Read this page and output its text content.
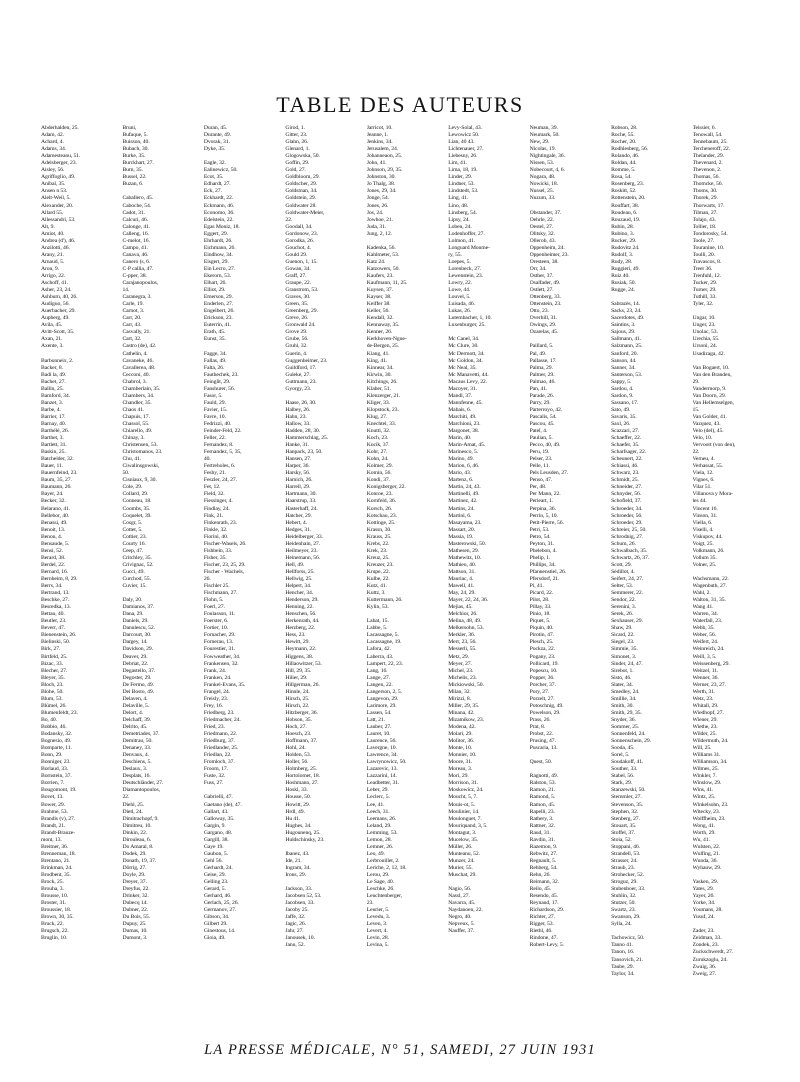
TABLE DES AUTEURS
Abderhalden, 25.
Adam, 42.
Achard, 4.
Adams, 34.
Adamesteanu, 51.
Adelsberger, 23.
Aisley, 56.
Agriffoglio, 49.
Anibal, 35.
Ansen n 53.
Alelt-Weil, 5.
Alexander, 20.
Allard 55.
Allessandri, 53.
Alt, 9.
Amiot, 40.
Andrea (d'), 46.
Anzilotti, 46.
Arany, 21.
Arnaud, 5.
Aron, 9.
Arrigo, 22.
Aschoff, 41.
Asher, 23, 24.
Ashburn, 40, 26.
Audiguo, 56.
Auerbacher, 29.
Aupberg, 49.
Avila, 45.
Avitt-Scott, 35.
Axan, 21.
Axente, 3.

Barbonneix, 2.
Backer, 8.
Badi la, 49.
Bachet, 27.
Ballin, 25.
Bamford, 34.
Banzet, 3.
Barbe, 4.
Barrier, 17.
Barnay, 40.
Barthélé, 26.
Barthet, 3.
Bartlett, 31.
Baskin, 25.
Batchelder, 32.
Bauer, 11.
Bauernfeind, 23.
Baum, 35, 27.
Baumann, 26.
Bayer, 24.
Becker, 32.
Belarano, 41.
Bellebor, 40.
Benassi, 49.
Benoit, 13.
Benon, 4.
Bensaude, 5.
Bensi, 52.
Berard, 38.
Berdel, 22.
Bernard, 16.
Bernheim, 8, 29.
Berrs, 34.
Bertrand, 13.
Beschke, 27.
Besredka, 13.
Bettau, 40.
Beutler, 23.
Beverr, 47.
Bienenstein, 26.
Bielinski, 50.
Birk, 27.
Birtfeld, 25.
Bizac, 33.
Blecher, 27.
Bleyer, 35.
Bloch, 23.
Blohe, 50.
Blum, 53.
Blümel, 26.
Blumenfeldt, 23.
Bo, 40.
Bobbio, 46.
Bodansky, 32.
Bognesio, 49.
Bomparte, 11.
Bonn, 29.
Bonniger, 23.
Borlaud, 33.
Bornstein, 37.
Borrien, 7.
Bougomont, 19.
Bovet, 13.
Bower, 29.
Brahme, 53.
Brandis (v), 27.
Brandt, 21.
Brandt-Brauze-
mont, 13.
Breitner, 36.
Brenneman, 18.
Brentano, 21.
Brinkman, 24.
Brodbent, 35.
Brock, 25.
Brouha, 3.
Brousse, 10.
Broster, 31.
Broussier, 18.
Brown, 30, 35.
Bruck, 22.
Brugsch, 22.
Bruglin, 10.
Bruni,
Bufaque, 5.
Buisson, 40.
Bubach, 30.
Burke, 35.
Burckhart, 27.
Burn, 35.
Bussel, 22.
Buzan, 6.

Caballero, 45.
Caboche, 54.
Cadot, 31.
Calcuri, 46.
Calonge, 41.
Calleng, 16.
C-melot, 16.
Campo, 41.
Canava, 46.
Canero (s, 6.
C·P callia, 47.
C-pper, 38.
Carajanopoulos,
14.
Caranegra, 3.
Carle, 19.
Carnot, 3.
Carr, 20.
Carr, 43.
Casvally, 21.
Cart, 32.
Castro (de), 42.
Cathelin, 4.
Cavaneke, 46.
Cavallerea, 48.
Cecconi, 40.
Chabrol, 3.
Chamberlain, 35.
Chambers, 34.
Chandler, 35.
Chaos 41.
Chapuis, 17.
Chassol, 55.
Chiarello, 49.
Chinay, 3.
Christensen, 53.
Christomanos, 23.
Chu, 41.
Ciwalinsgowski,
50.
Cisniaux, 9, 30.
Cole, 29.
Collard, 29.
Conneau, 18.
Coombs, 35.
Coquelet, 39.
Cosgr, 5.
Cottet, 5.
Cottier, 23.
Courty 16.
Ceep, 47.
Critchley, 35.
Crivignac, 52.
Cucci, 49.
Curchod, 55.
Cuvier, 15.

Daly, 20.
Damianos, 37.
Dana, 29.
Daniels, 29.
Danulescu, 52.
Darcourt, 30.
Dargey, 14.
Davidson, 29.
Deaver, 29.
Debriat, 22.
Degastello, 37.
Degoster, 29.
De Fermo, 49.
Dei Bosto, 49.
Delaven, 4.
Delaville, 5.
Delort, 4.
Delchaff, 39.
Delrito, 45.
Demetriades, 37.
Demitrau, 50.
Denaney, 33.
Denvaux, 4.
Deschiens, 5.
Deslaux, 3.
Desplats, 16.
Deutschländer, 27.
Diamantopoulos,
22.
Diehl, 25.
Dietl, 24.
Dimitrachopf, 9.
Dimitreu, 10.
Dinkin, 22.
Dirouleau, 6.
Do Amaral, 8.
Dodek, 29.
Donath, 19, 37.
Dörrig, 27.
Doyle, 29.
Dreyer, 37.
Dreyfus, 22.
Drinker, 32.
Dubecq 14.
Dubner, 22.
Du Bois, 55.
Dupuy, 25.
Dumas, 10.
Dumont, 3.
Duran, 45.
Durante, 49.
Dvorak, 31.
Dyke, 35.

Eagle, 32.
Ealinewicz, 50.
Ecot, 35.
Edhardt, 27.
Eck, 27.
Eckhardt, 22.
Eckmann, 46.
Economo, 36.
Edelstein, 22.
Egas Moniz, 18.
Eggert, 29.
Ehrhardt, 26.
Eichmann, 26.
Eindhow, 34.
Eisgert, 29.
Ein Lecro, 27.
Ekerorn, 53.
Elhart, 26.
Elliot, 29.
Emerson, 29.
Enderlen, 27.
Engelbert, 26.
Erickson, 23.
Euterrin, 41.
Erath, 45.
Eunst, 35.

Fagge, 34.
Fallas, 49.
Falta, 26.
Fauthechek, 23.
Feinglit, 29.
Fanshurer, 56.
Fasor, 5.
Fauld, 29.
Favier, 15.
Favre, 10.
Fedrizzi, 40.
Feinder-Feld, 22.
Feller, 22.
Fernandez, 8.
Fernandez, 5, 35,
40.
Fertreholes, 6.
Feshy, 21.
Feszler, 24, 27.
Fet, 12.
Field, 32.
Fiessinger, 4.
Findlay, 24.
Fink, 21.
Finkenrath, 23.
Finkle, 32.
Fiorini, 40.
Fischer-Wasels, 26.
Fishbein, 33.
Fisher, 35.
Fischer, 23, 25, 29.
Fischer - Wachels,
26.
Fischler 25.
Fischmann, 27.
Flohn, 5.
Foerl, 27.
Foulasson, 11.
Foerster, 6.
Fortier, 10.
Fornacher, 29.
Fornerau, 13.
Fourestier, 31.
Fowweather, 34.
Frankensen, 32.
Frank, 24.
Franken, 24.
Frankel-Evans, 35.
Frangel, 24.
Freisly, 23.
Frey, 16.
Friedberg, 23.
Friedmacher, 24.
Fried, 23.
Friedmann, 22.
Friedburg, 37.
Friedlander, 25.
Friedlan, 22.
Fromloch, 37.
Froom, 17.
Fuste, 32.
Fuss, 27.

Gabrielli, 47.
Gaetano (de), 47.
Gallart, 43.
Galloway, 35.
Gargin, 9.
Gargano, 48.
Gargill, 38.
Gaye 19.
Gaubon, 5.
Gehl 56.
Gerhardt, 24.
Geise, 29.
Gelling 23.
Gerard, 5.
Gerhard, 46.
Gerlach, 25, 26.
Germanov, 27.
Gibson, 34.
Gilbert 29.
Ginestous, 14.
Gioia, 49.
Girod, 1.
Gitter, 23.
Glahn, 26.
Glenard, 1.
Glogowska, 50.
Goffin, 29.
Gold, 27.
Goldbloom, 29.
Goldscher, 29.
Goldsman, 34.
Goldstein, 29.
Goldwater 28.
Goldwater-Meier,
22.
Goodall, 34.
Gordonow, 23.
Gorodka, 26.
Gouchot, 4.
Gould 29.
Guenon, 1, 15.
Gowan, 34.
Graff, 27.
Graupe, 22.
Granstrom, 53.
Graves, 30.
Green, 35.
Greenberg, 29.
Greve, 26.
Gronwald 24.
Grove 29.
Grube, 56.
Gruhl, 32.
Guerin, 4.
Guggenheimer, 23.
Guildford, 17.
Guleke, 27.
Guttmann, 23.
Gyorgy, 23.

Haase, 26, 30.
Halbey, 26.
Hahn, 23.
Hallow, 33.
Hadden, 28, 30.
Hammerschlag, 25.
Hanke, 31.
Hanpack, 23, 50.
Hansen, 27.
Harper, 36.
Harsky, 56.
Harnich, 26.
Harrell, 29.
Hartmann, 30.
Haarstrup, 33.
Hasterhaff, 24.
Hatcher, 29.
Hebert, 4.
Hedges, 31.
Heidelberger, 33.
Heidenhain, 27.
Heilmeyer, 23.
Heinemann, 56.
Hell, 49.
Hellforss, 25.
Hellwig, 25.
Helpert, 34.
Hencher, 34.
Henderson, 29.
Henning, 22.
Henschen, 56.
Herkenrath, 44.
Herzberg, 22.
Hess, 23.
Hewitt, 29.
Heymann, 22.
Higgens, 38.
Hillaowitzer, 53.
Hill, 29, 35.
Hilier, 29.
Hillgerman, 26.
Hinnle, 24.
Hirsch, 25.
Hirsch, 22.
Hitzberger, 36.
Hobson, 35.
Hoch, 27.
Hoesch, 23.
Hoffmann, 37.
Hohl, 24.
Holden, 53.
Holler, 56.
Holmberg, 25.
Hortolomet, 18.
Hoshmann, 27.
Hoski, 33.
Housse, 50.
Howitt, 29.
Hrdl, 49.
Hu 41.
Hughes, 34.
Hugounenq, 25.
Huldschinsky, 23.

Ibanez, 43.
Ide, 21.
Ingram, 34.
Irons, 29.

Jackson, 33.
Jacobsen 52, 53.
Jacobsen, 33.
Jacoby 25.
Jaffe, 32.
Jagic, 26.
Jahr, 27.
Janousek, 10.
Janu, 52.
Jarricot, 10.
Jeanne, 1.
Jenkins, 34.
Jerusalem, 24.
Johanneaon, 25.
John, 41.
Johnson, 29, 35.
Johnston, 30.
Jo Thalg, 38.
Jones, 29, 34.
Jonge, 54.
Jones, 26.
Jos, 24.
Jowhoe, 21.
Juda, 31.
Jung, 2, 12.

Kadenka, 56.
Kahlmeter, 53.
Katz 24.
Katzowers, 50.
Kaufers, 23.
Kaufmann, 11, 25.
Kuysen, 37.
Kayser, 38.
Keiffer 38.
Keller, 56.
Kendall, 32.
Kennaway, 35.
Kenner, 26.
Kerkhoven-Ngue-
de-Bergen, 25.
Kiang, 41.
King, 41.
Kinnear, 34.
Kirwin, 30.
Kitchings, 26.
Klaber, 51.
Klenzerger, 21.
Kliger, 33.
Klopstock, 23.
Klug, 27.
Knechtel, 33.
Knutti, 32.
Koch, 23.
Kocik, 37.
Kohr, 27.
Kohn, 24.
Kolmer, 29.
Komin, 56.
Kondi, 37.
Konigsberger, 22.
Konroe, 23.
Kornfeld, 36.
Korsch, 26.
Kotschau, 23.
Kottinge, 25.
Krassn, 30.
Krauss, 25.
Krebs, 22.
Krek, 23.
Kreuz, 25.
Kreuzer, 23.
Krupe, 22.
Kulbe, 22.
Kutz, 41.
Kuttz, 3.
Kuttermann, 26.
Kylin, 53.

Labat, 15.
Labbe, 5.
Lacassagne, 5.
Lacassagne, 19.
Lafora, 42.
Laherra, 43.
Lampert, 22, 23.
Lang, 16.
Lange, 27.
Langen, 22.
Langerson, 2, 5.
Langevon, 29.
Larimore, 29.
Lassen, 54.
Latt, 21.
Lauber, 27.
Lauret, 10.
Laurence, 56.
Lavergne, 10.
Lawrence, 34.
Lawrynowicz, 50.
Lazarevic, 13.
Lazzarini, 14.
Leadbetter, 31.
Leber, 29.
Leclerc, 5.
Lee, 41.
Leech, 31.
Leemans, 26.
Leland, 29.
Lemming, 53.
Lemon, 28.
Lemner, 26.
Leo, 49.
Lerbrouillet, 2.
Leriche, 2, 12, 18.
Lerou, 29.
Le Sage, 40.
Leschke, 26.
Leuchtenberger,
23.
Leurier, 5.
Levedu, 3.
Leven, 3.
Levert, 4.
Levin, 28.
Levina, 5.
Levy-Solal, 43.
Lewowicz 50.
Lian, 40 43.
Lichtenauer, 27.
Liebesny, 26.
Lim, 41.
Lima, 18, 19.
Linder, 29.
Lindner, 53.
Lindstedt, 53.
Ling, 41.
Lino, 48.
Linsberg, 54.
Lipsy, 24.
Loben, 24.
Lodenhoffer, 27.
Lolmon, 41.
Longuard Monme-
ry, 55.
Loepes, 5.
Lorenbeck, 27.
Lewenstein, 23.
Lowry, 22.
Lowe, 44.
Louvel, 5.
Luisada, 46.
Lukas, 26.
Lutembacher, 1, 10.
Luxenburger, 25.

Mc Canel, 34.
Mc Clure, 30.
Mc Dermott, 34.
Mc Goldon, 34.
Mc Neal, 35.
Mc Manavetti, 44.
Macaus Levy, 22.
Macoyer, 31.
Mandl, 37.
Mannfenne, 45.
Mabais, 6.
Marchiti, 49.
Marchioni, 23.
Margonet, 38.
Marin, 40.
Marin-Amat, 45.
Marinesco, 5.
Marino, 49.
Marion, 6, 46.
Mario, 43.
Martenz, 6.
Martin, 24, 43.
Martinelli, 49.
Martinez, 42.
Martins, 24.
Martinl, 6.
Masayama, 23.
Massart, 20.
Massia, 19.
Masterowski, 50.
Mathesen, 29.
Mathewitz, 10.
Mathieu, 40.
Mattson, 31.
Mauriac, 4.
Mawell, 41.
May, 24, 29.
Mayer, 22, 24, 36.
Mejias, 45.
Melchior, 26.
Melina, 48, 49.
Melkersohn, 53.
Merkler, 36.
Merr, 23, 56.
Messerli, 55.
Metz, 29.
Meyer, 27.
Michel, 23.
Michelis, 23.
Mickiowski, 50.
Milan, 32.
Mirizzi, 8.
Miller, 29, 35.
Minana, 42.
Mizamikow, 23.
Modena, 42.
Molari, 29.
Molitor, 36.
Monte, 10.
Monnier, 10.
Moore, 31.
Moreau, 3.
Mori, 29.
Morrison, 31.
Moskowicz, 24.
Moucht, 5, 7.
Mouis-ot, 5.
Moulinier, 14.
Moulonguet, 7.
Mouriquand, 3, 5.
Montagut, 3.
Mucelow, 35.
Müller, 26.
Munteanu, 52.
Munzer, 24.
Murier, 55.
Muschat, 29.

Nagio, 56.
Nassl, 27.
Navarra, 45.
Naydanoen, 22.
Negro, 40.
Nepveux, 5.
Nauffer, 37.
Neuman, 39.
Neumark, 50.
New, 29.
Nicolas, 19.
Nightingale, 36.
Nissen, 53.
Nobecourt, 4, 6.
Nogara, 48.
Nowicki, 18.
Nussel, 25.
Nuzum, 33.

Obstander, 37.
Oehrle, 22.
Oestel, 27.
Olitsky, 32.
Ollerob, 43.
Oppenheim, 24.
Oppenheimer, 23.
Oresteen, 38.
Orr, 34.
Osther, 37.
Osalfader, 49.
Ostlett, 27.
Ottenberg, 33.
Ottenstein, 23.
Otto, 23.
Overhill, 31.
Owings, 29.
Ozarelas, 45.

Paillard, 5.
Pal, 49.
Pallasse, 17.
Palma, 29.
Palmer, 29.
Palmao, 46.
Pan, 41.
Parade, 26.
Parry, 29.
Parterroyo, 42.
Pascalis, 54.
Pascou, 45.
Patel, 4.
Paulian, 5.
Pecco, 40, 49.
Peru, 19.
Pelser, 23.
Pelle, 11.
Pels Leusden, 27.
Penso, 47.
Per, 48.
Per Mann, 22.
Perieart, 1.
Perpina, 36.
Perrin, 5, 10.
Petit-Pierre, 56.
Petri, 53.
Petro, 54.
Peyton, 31.
Phelebon, 4.
Phelip, 1.
Phillips, 34.
Pfannenstiel, 26.
Pfersdorf, 21.
Pi, 41.
Picard, 22.
Pilot, 28.
Pillay, 33.
Pinio, 18.
Piquet, 5.
Piquin, 40.
Pirotin, 47.
Plesch, 25.
Pockza, 22.
Pogany, 23.
Pollicard, 19.
Popescu, 10.
Popper, 36.
Porcher, 37.
Pory, 27.
Porzelt, 27.
Potoschnig, 49.
Powelson, 29.
Prass, 26.
Prat, 8.
Probst, 22.
Prusing, 47.
Puscaria, 13.

Quest, 50.

Ragnotti, 49.
Ralston, 53.
Ramon, 21.
Ramond, 5.
Ramon, 45.
Rapelli, 23.
Rathery, 3.
Rattner, 32.
Raud, 31.
Ravdin, 31.
Razemon, 9.
Rebwitz, 27.
Regnault, 5.
Rehberg, 54.
Rehn, 26.
Reimann, 32.
Reilo, 45.
Resendo, 45.
Reynaud, 17.
Richardson, 29.
Richter, 27.
Rigger, 53.
Riethl, 46.
Rindone, 47.
Robert-Levy, 5.
Robson, 28.
Roche, 55.
Rocher, 20.
Rodhlesberg, 56.
Rolando, 46.
Roldan, 44.
Romme, 5.
Rosa, 54.
Rosenberg, 23.
Roskitt, 52.
Rottenstein, 20.
Rouffart, 38.
Roudeau, 6.
Rouzaud, 19.
Rubin, 28.
Rubino, 3.
Rucker, 29.
Rudovitz 24.
Rudolf, 3.
Rudy, 28.
Ruggieri, 49.
Ruiz 40.
Rusiak, 50.
Rugge, 24.

Sabrazès, 14.
Sacks, 23, 24.
Sacerdotes, 49.
Saintins, 3.
Sajous, 29.
Sallmann, 41.
Salzmann, 25.
Sanford, 20.
Sanson, 44.
Sanner, 34.
Santerson, 53.
Sappy, 5.
Sardou, 4.
Sardon, 9.
Sassano, 17.
Sato, 49.
Savaris, 35.
Saxl, 26.
Scazzari, 27.
Schaeffer, 22.
Schaefer, 35.
Scharfsager, 22.
Scheunert, 22.
Schiassi, 46.
Schwarz, 23.
Schmidt, 25.
Schneider, 27.
Schnyder, 56.
Schofield, 37.
Schroeder, 34.
Schroeder, 56.
Schroeder, 29.
Schreier, 25, 50.
Schrodnig, 27.
Schum, 26.
Schwalbach, 35.
Schwartz, 26, 37.
Scott, 29.
Sédillot, 4.
Seifert, 24, 27.
Selter, 53.
Semmerer, 22.
Sendor, 22.
Serenini, 3.
Serek, 26.
Sexhauser, 29.
Shaw, 29.
Sicard, 22.
Siegel, 23.
Simmie, 35.
Simonet, 3.
Sinder, 24, 47.
Sirebot, 1.
Sisto, 46.
Slater, 34.
Smedley, 24.
Smillie, 34.
Smith, 30.
Smith, 29, 35.
Snyder, 36.
Sommer, 25.
Sonnenfeld, 24.
Sonnenschein, 29.
Sooda, 45.
Sorel, 5.
Soudakoff, 41.
Souther, 33.
Stabel, 56.
Stark, 29.
Stanzewski, 50.
Stemmler, 27.
Stevenson, 35.
Stephen, 32.
Stenberg, 27.
Stouart, 35.
Stoffel, 37.
Stoia, 52.
Stoppani, 46.
Strandell, 53.
Strasser, 24.
Straub, 23.
Strohecker, 52.
Stroguz, 29.
Stubenboer, 33.
Stuhlin, 32.
Stutzer, 50.
Swartz, 23.
Swanson, 29.
Sylla, 24.

Tachowicz, 50.
Tanno 41.
Tanon, 16.
Tansovich, 21.
Taube, 29.
Taylor, 34.
Teissier, 6.
Tenowall, 54.
Tennebaum, 25.
Tercheneroff, 22.
Thelander, 29.
Thevenard, 2.
Thevenon, 2.
Thomas, 56.
Thomcke, 56.
Thoms, 30.
Thorek, 29.
Thorwarts, 17.
Tilman, 27.
Tolajo, 43.
Tollier, 18.
Tondorosky, 54.
Toole, 27.
Touranine, 10.
Toulli, 20.
Travascos, 8.
Treer 36.
Trenfuhl, 12.
Tucker, 29.
Turner, 29.
Tuthill, 33.
Tyler, 32.

Ungar, 10.
Unger, 23.
Unolac, 53.
Urechia, 55.
Ursoni, 24.
Usadizaga, 42.

Van Bogaert, 10.
Van den Branden,
29.
Vandermorp, 9.
Van Doorn, 29.
Van Hellemselgen,
15.
Van Golder, 41.
Vazquez, 43.
Velo (del), 45.
Velo, 10.
Vervoort (von den),
22.
Verneu, 4.
Verhassat, 55.
Viela, 12.
Vignes, 6.
Vilar 51.
Villanova y Mora-
les 44.
Vincent 16.
Vinson, 31.
Viella, 6.
Viselli, 4.
Viskupov, 44.
Voigt, 25.
Volkmann, 26.
Vollum 35.
Volner, 25.

Wachsmann, 22.
Wagenbuth, 27.
Wahl, 2.
Walton, 31, 35.
Wang 41.
Warren, 34.
Waterfall, 23.
Webb, 35.
Weber, 56.
Weifert, 24.
Weinreich, 24.
Weill, 3, 5.
Weissenberg, 29.
Weitzel, 11.
Wenner, 36.
Werner, 23, 27.
Werth, 31.
Wetz, 23.
Whitall, 29.
Wiedhopf, 27.
Wiener, 29.
Wiethe, 23.
Wilder, 25.
Wildermuth, 24.
Will, 25.
Williams 31.
Williamson, 34.
Wilmes, 25.
Winkler, 7.
Winslow, 29.
Wins, 41.
Wintz, 25.
Winkelsohn, 23.
Witecky, 23.
Wolffheim, 23.
Wong, 41.
Worth, 29.
Wu, 41.
Wulsten, 22.
Wulfing, 21.
Wunda, 36.
Wyhauw, 29.

Yasken, 29.
Yates, 29.
Yayer, 26.
Yorke, 34.
Youmans, 28.
Yusuf, 24.

Zader, 23.
Zeidman, 33.
Zondek, 23.
Zuckschwerdt, 27.
Zurukzoglu, 24.
Zwaig, 36.
Zweig, 27.
LA PRESSE MÉDICALE, N° 51, SAMEDI, 27 JUIN 1931
